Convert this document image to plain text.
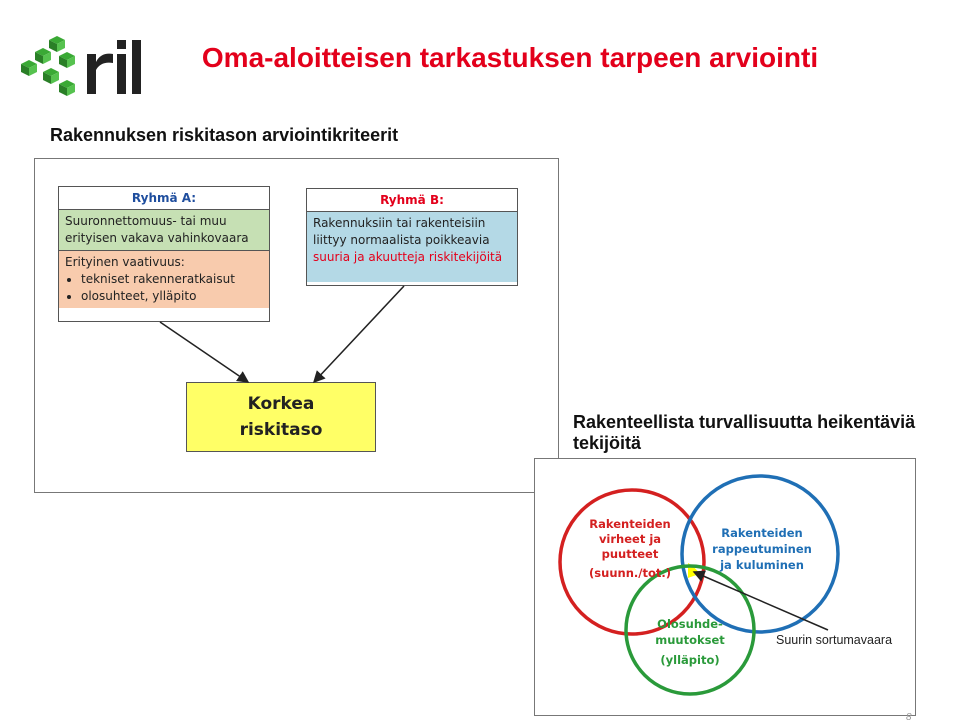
Oma-aloitteisen tarkastuksen tarpeen arviointi
Rakennuksen riskitason arviointikriteerit
Ryhmä A:
Suuronnettomuus- tai muu erityisen vakava vahinkovaara
Erityinen vaativuus:
• tekniset rakenneratkaisut
• olosuhteet, ylläpito
Ryhmä B:
Rakennuksiin tai rakenteisiin liittyy normaalista poikkeavia suuria ja akuutteja riskitekijöitä
Korkea
riskitaso	Rakenteellista turvallisuutta heikentäviä tekijöitä
Rakenteiden
virheet ja
puutteet
(suunn./tot.)
Rakenteiden
rappeutuminen
ja kuluminen
Olosuhde-
muutokset
(ylläpito)
Suurin sortumavaara
8
